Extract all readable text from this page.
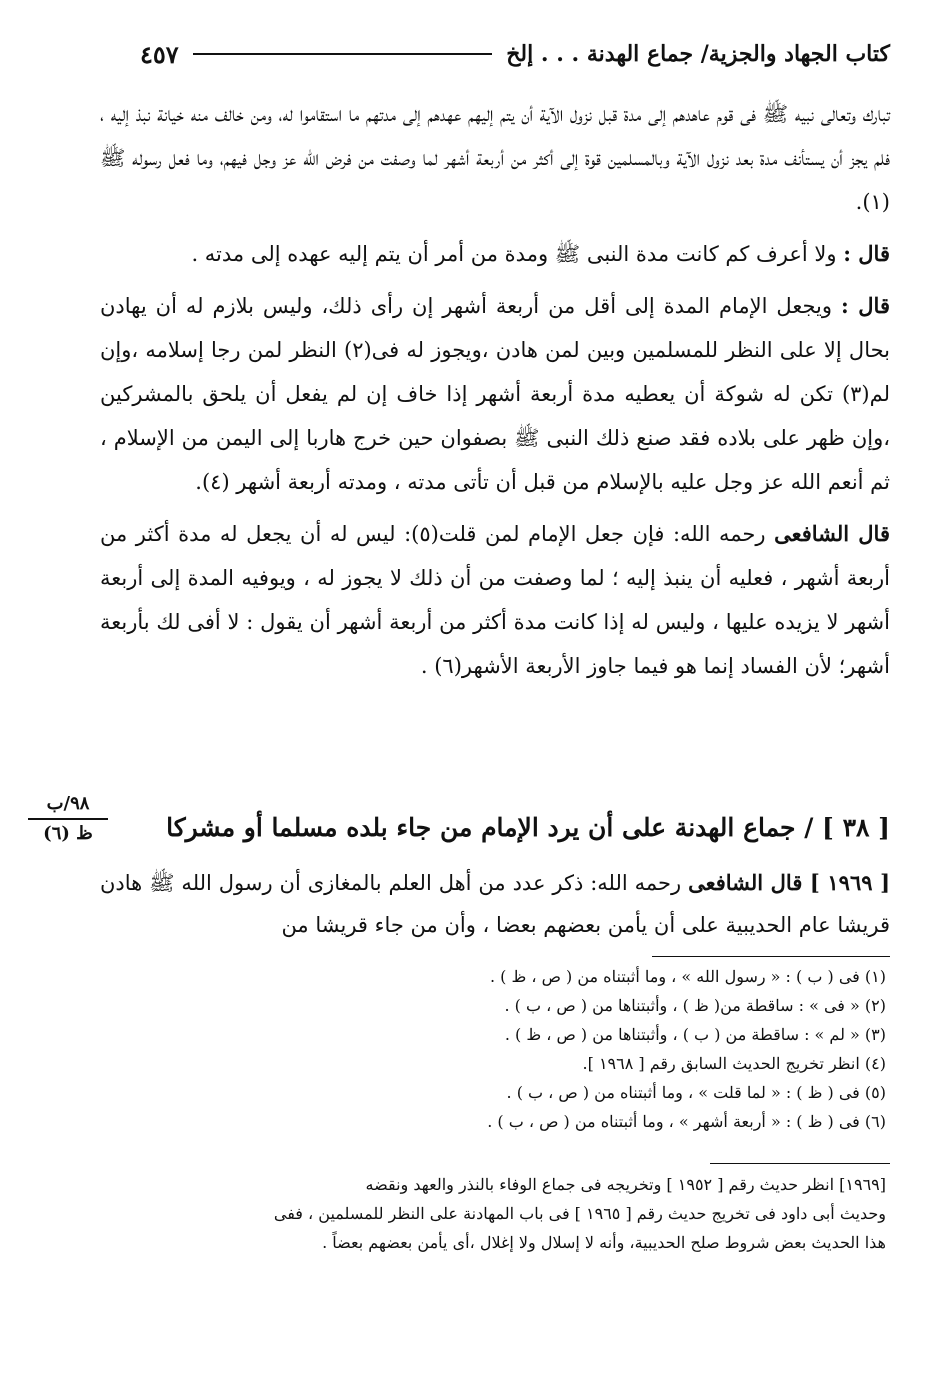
كتاب الجهاد والجزية/ جماع الهدنة . . . إلخ
٤٥٧

تبارك وتعالى نبيه ﷺ فى قوم عاهدهم إلى مدة قبل نزول الآية أن يتم إليهم عهدهم إلى مدتهم ما استقاموا له، ومن خالف منه خيانة نبذ إليه ، فلم يجز أن يستأنف مدة بعد نزول الآية وبالمسلمين قوة إلى أكثر من أربعة أشهر لما وصفت من فرض الله عز وجل فيهم، وما فعل رسوله ﷺ (١).

قال : ولا أعرف كم كانت مدة النبى ﷺ ومدة من أمر أن يتم إليه عهده إلى مدته .

قال : ويجعل الإمام المدة إلى أقل من أربعة أشهر إن رأى ذلك، وليس بلازم له أن يهادن بحال إلا على النظر للمسلمين وبين لمن هادن ،ويجوز له فى(٢) النظر لمن رجا إسلامه ،وإن لم(٣) تكن له شوكة أن يعطيه مدة أربعة أشهر إذا خاف إن لم يفعل أن يلحق بالمشركين ،وإن ظهر على بلاده فقد صنع ذلك النبى ﷺ بصفوان حين خرج هاربا إلى اليمن من الإسلام ، ثم أنعم الله عز وجل عليه بالإسلام من قبل أن تأتى مدته ، ومدته أربعة أشهر (٤).

قال الشافعى رحمه الله: فإن جعل الإمام لمن قلت(٥): ليس له أن يجعل له مدة أكثر من أربعة أشهر ، فعليه أن ينبذ إليه ؛ لما وصفت من أن ذلك لا يجوز له ، ويوفيه المدة إلى أربعة أشهر لا يزيده عليها ، وليس له إذا كانت مدة أكثر من أربعة أشهر أن يقول : لا أفى لك بأربعة أشهر؛ لأن الفساد إنما هو فيما جاوز الأربعة الأشهر(٦) .

٩٨/ب
ظ (٦)	[ ٣٨ ] / جماع الهدنة على أن يرد الإمام من جاء بلده مسلما أو مشركا
[ ١٩٦٩ ] قال الشافعى رحمه الله: ذكر عدد من أهل العلم بالمغازى أن رسول الله ﷺ هادن قريشا عام الحديبية على أن يأمن بعضهم بعضا ، وأن من جاء قريشا من
(١) فى ( ب ) : « رسول الله » ، وما أثبتناه من ( ص ، ظ ) .
(٢) « فى » : ساقطة من( ظ ) ، وأثبتناها من ( ص ، ب ) .
(٣) « لم » : ساقطة من ( ب ) ، وأثبتناها من ( ص ، ظ ) .
(٤) انظر تخريج الحديث السابق رقم [ ١٩٦٨ ].
(٥) فى ( ظ ) : « لما قلت » ، وما أثبتناه من ( ص ، ب ) .
(٦) فى ( ظ ) : « أربعة أشهر » ، وما أثبتناه من ( ص ، ب ) .
[١٩٦٩] انظر حديث رقم [ ١٩٥٢ ] وتخريجه فى جماع الوفاء بالنذر والعهد ونقضه
وحديث أبى داود فى تخريج حديث رقم [ ١٩٦٥ ] فى باب المهادنة على النظر للمسلمين ، ففى
هذا الحديث بعض شروط صلح الحديبية، وأنه لا إسلال ولا إغلال ،أى يأمن بعضهم بعضاً .
